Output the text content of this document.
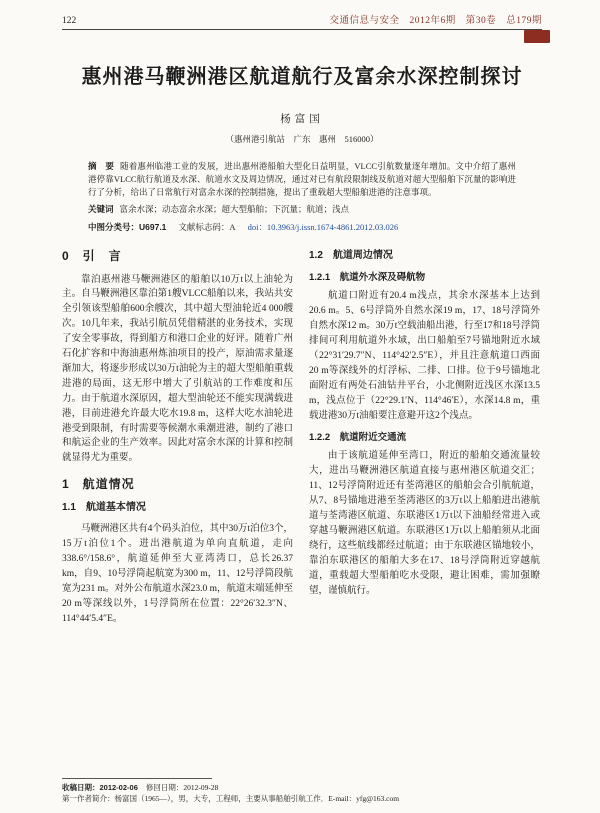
122	交通信息与安全　2012年6期　第30卷　总179期
惠州港马鞭洲港区航道航行及富余水深控制探讨
杨富国
（惠州港引航站　广东　惠州　516000）
摘　要 随着惠州临港工业的发展，进出惠州港船舶大型化日益明显，VLCC引航数量逐年增加。文中介绍了惠州港停靠VLCC航行航道及水深、航道水文及周边情况，通过对已有航段限制线及航道对超大型船舶下沉量的影响进行了分析，给出了日常航行对富余水深的控制措施，提出了重载超大型船舶进港的注意事项。
关键词 富余水深；动态富余水深；超大型船舶；下沉量；航道；浅点
中图分类号：U697.1 文献标志码：A doi：10.3963/j.issn.1674-4861.2012.03.026
0　引　言

靠泊惠州港马鞭洲港区的船舶以10万t以上油轮为主。自马鞭洲港区靠泊第1艘VLCC船舶以来，我站共安全引领该型船舶600余艘次，其中超大型油轮近4 000艘次。10几年来，我站引航员凭借精湛的业务技术，实现了安全零事故，得到船方和港口企业的好评。随着广州石化扩容和中海油惠州炼油项目的投产，原油需求量逐渐加大，将逐步形成以30万t油轮为主的超大型船舶重载进港的局面，这无形中增大了引航站的工作难度和压力。由于航道水深原因，超大型油轮还不能实现满载进港，目前进港允许最大吃水19.8 m，这样大吃水油轮进港受到限制，有时需要等候潮水乘潮进港，制约了港口和航运企业的生产效率。因此对富余水深的计算和控制就显得尤为重要。

1　航道情况
1.1　航道基本情况

马鞭洲港区共有4个码头泊位，其中30万t泊位3个，15万t泊位1个。进出港航道为单向直航道，走向338.6°/158.6°，航道延伸至大亚湾湾口，总长26.37 km，自9、10号浮筒起航宽为300 m，11、12号浮筒段航宽为231 m。对外公布航道水深23.0 m，航道末端延伸至20 m等深线以外，1号浮筒所在位置：22°26′32.3″N、114°44′5.4″E。

1.2　航道周边情况
1.2.1　航道外水深及碍航物

航道口附近有20.4 m浅点，其余水深基本上达到20.6 m。5、6号浮筒外自然水深19 m，17、18号浮筒外自然水深12 m。30万t空载油船出港，行至17和18号浮筒排间可利用航道外水域，出口船舶至7号锚地附近水域（22°31′29.7″N、114°42′2.5″E），并且注意航道口西面20 m等深线外的灯浮标、二排、口排。位于9号锚地北面附近有两处石油钻井平台，小北侧附近浅区水深13.5 m，浅点位于（22°29.1′N、114°46′E），水深14.8 m，重载进港30万t油船要注意避开这2个浅点。

1.2.2　航道附近交通流

由于该航道延伸至湾口，附近的船舶交通流量较大，进出马鞭洲港区航道直接与惠州港区航道交汇；11、12号浮筒附近还有荃湾港区的船舶会合引航航道，从7、8号锚地进港至荃湾港区的3万t以上船舶进出港航道与荃湾港区航道、东联港区1万t以下油船经常进入或穿越马鞭洲港区航道。东联港区1万t以上船舶须从北面绕行，这些航线都经过航道；由于东联港区锚地较小，靠泊东联港区的船舶大多在17、18号浮筒附近穿越航道，重载超大型船舶吃水受限，避让困难，需加强瞭望，谨慎航行。

收稿日期：2012-02-06 修回日期：2012-09-28
第一作者简介：杨富国（1965—），男，大专，工程师，主要从事船舶引航工作．E-mail：yfg@163.com
